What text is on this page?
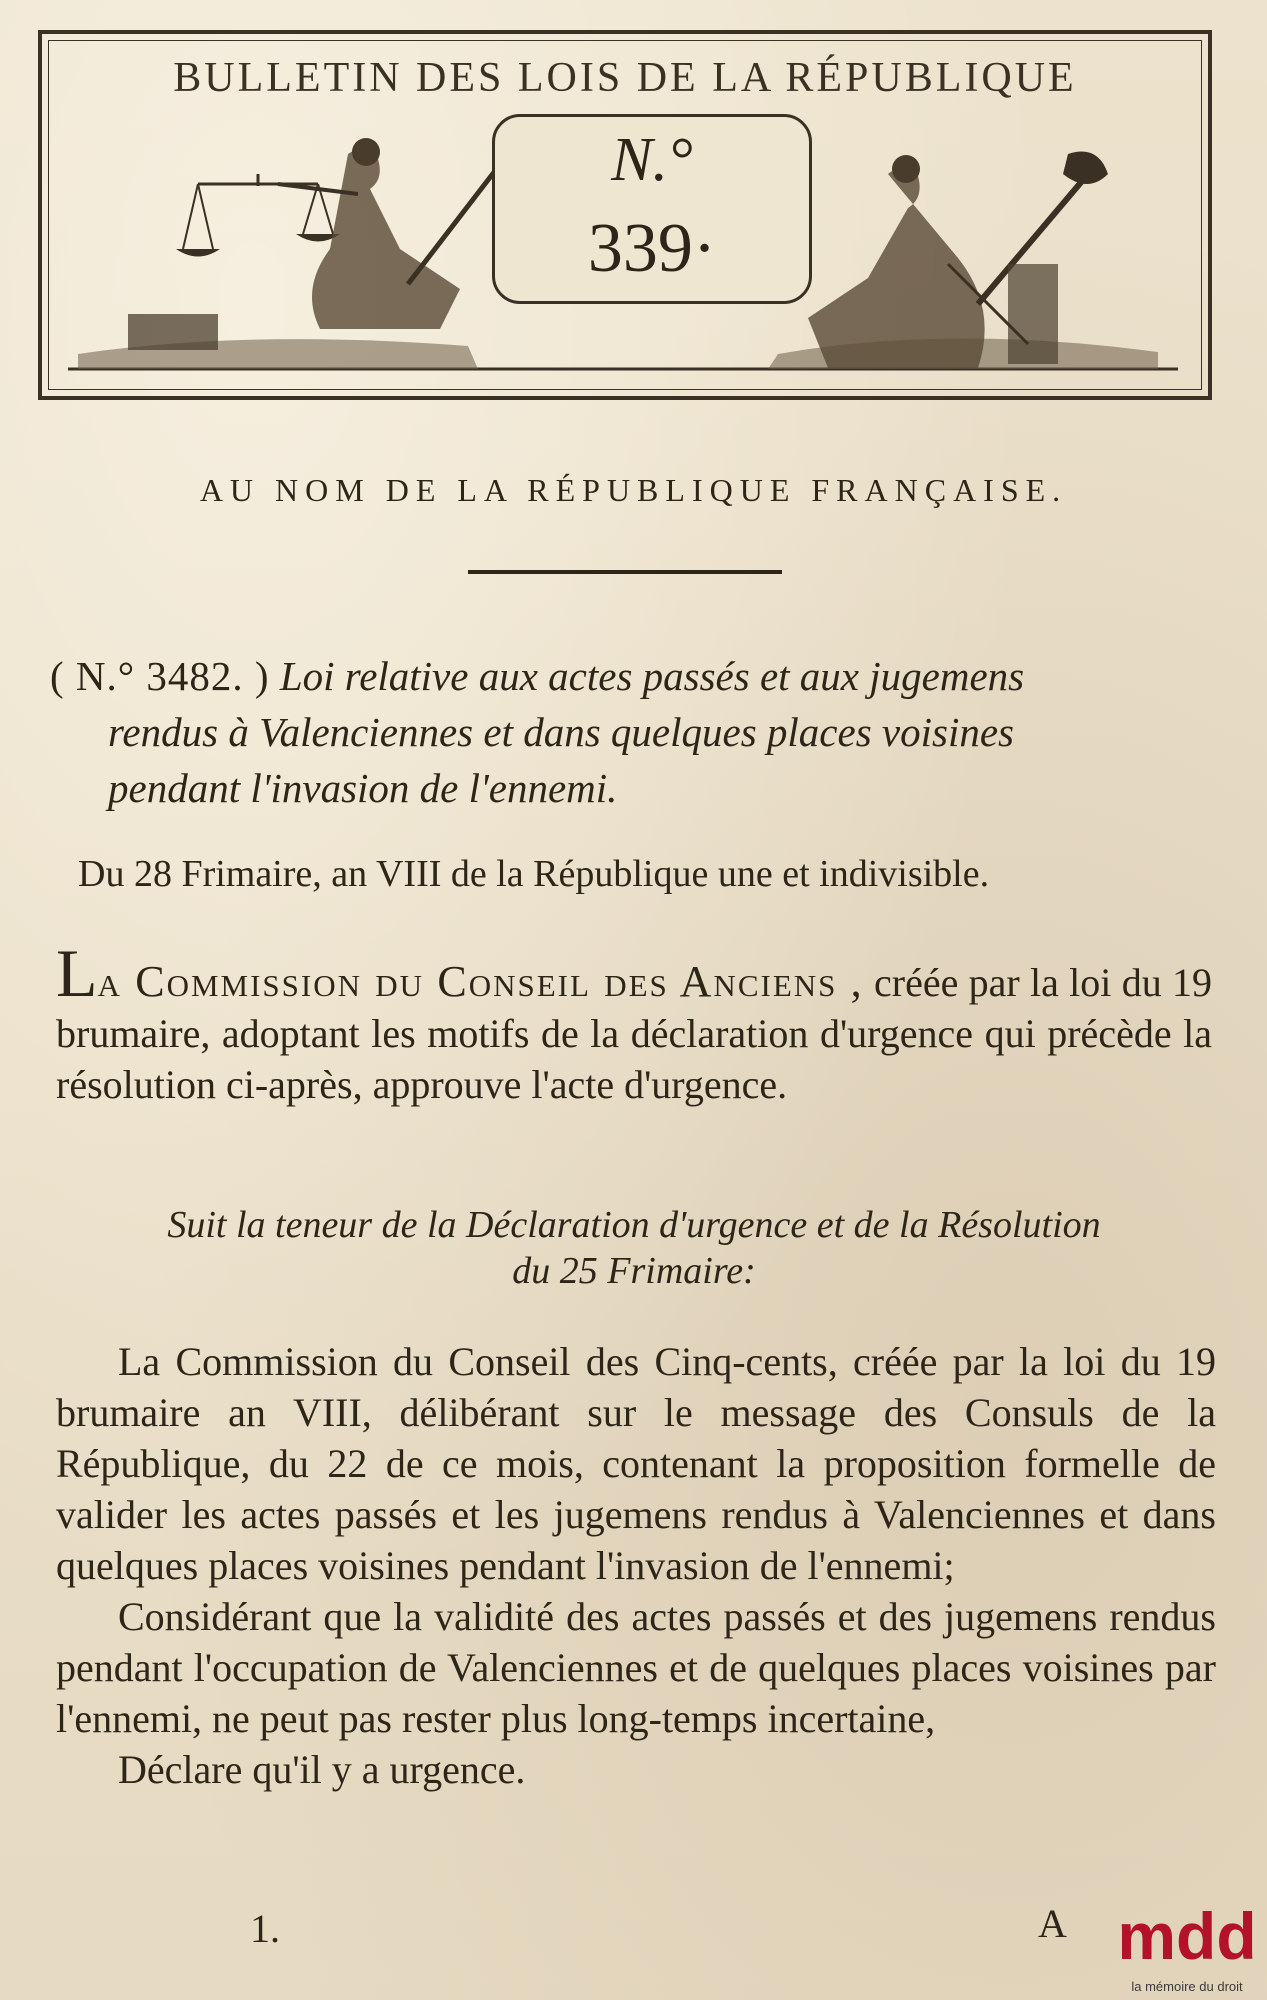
BULLETIN DES LOIS DE LA RÉPUBLIQUE
N.°
339·
AU NOM DE LA RÉPUBLIQUE FRANÇAISE.
( N.° 3482. ) Loi relative aux actes passés et aux jugemens
rendus à Valenciennes et dans quelques places voisines
pendant l'invasion de l'ennemi.
Du 28 Frimaire, an VIII de la République une et indivisible.
La Commission du Conseil des Anciens , créée par la loi du 19 brumaire, adoptant les motifs de la déclaration d'urgence qui précède la résolution ci-après, approuve l'acte d'urgence.
Suit la teneur de la Déclaration d'urgence et de la Résolution
du 25 Frimaire:
La Commission du Conseil des Cinq-cents, créée par la loi du 19 brumaire an VIII, délibérant sur le message des Consuls de la République, du 22 de ce mois, contenant la proposition formelle de valider les actes passés et les jugemens rendus à Valenciennes et dans quelques places voisines pendant l'invasion de l'ennemi;
Considérant que la validité des actes passés et des jugemens rendus pendant l'occupation de Valenciennes et de quelques places voisines par l'ennemi, ne peut pas rester plus long-temps incertaine,
Déclare qu'il y a urgence.
1.	A mdd
la mémoire du droit
